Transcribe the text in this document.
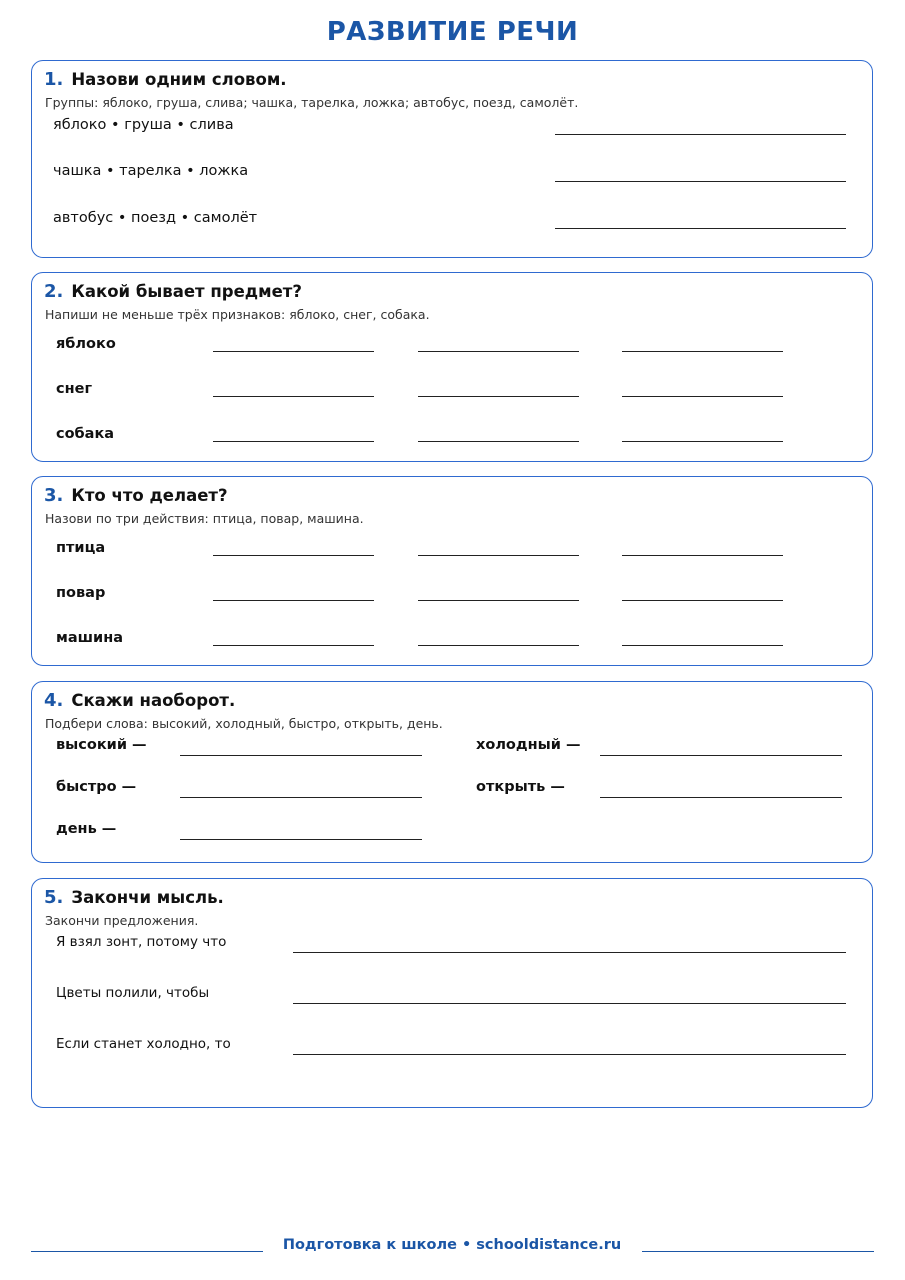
РАЗВИТИЕ РЕЧИ
1. Назови одним словом.
Группы: яблоко, груша, слива; чашка, тарелка, ложка; автобус, поезд, самолёт.
яблоко • груша • слива
чашка • тарелка • ложка
автобус • поезд • самолёт
2. Какой бывает предмет?
Напиши не меньше трёх признаков: яблоко, снег, собака.
яблоко
снег
собака
3. Кто что делает?
Назови по три действия: птица, повар, машина.
птица
повар
машина
4. Скажи наоборот.
Подбери слова: высокий, холодный, быстро, открыть, день.
высокий —	холодный —
быстро —	открыть —
день —
5. Закончи мысль.
Закончи предложения.
Я взял зонт, потому что
Цветы полили, чтобы
Если станет холодно, то
Подготовка к школе • schooldistance.ru
